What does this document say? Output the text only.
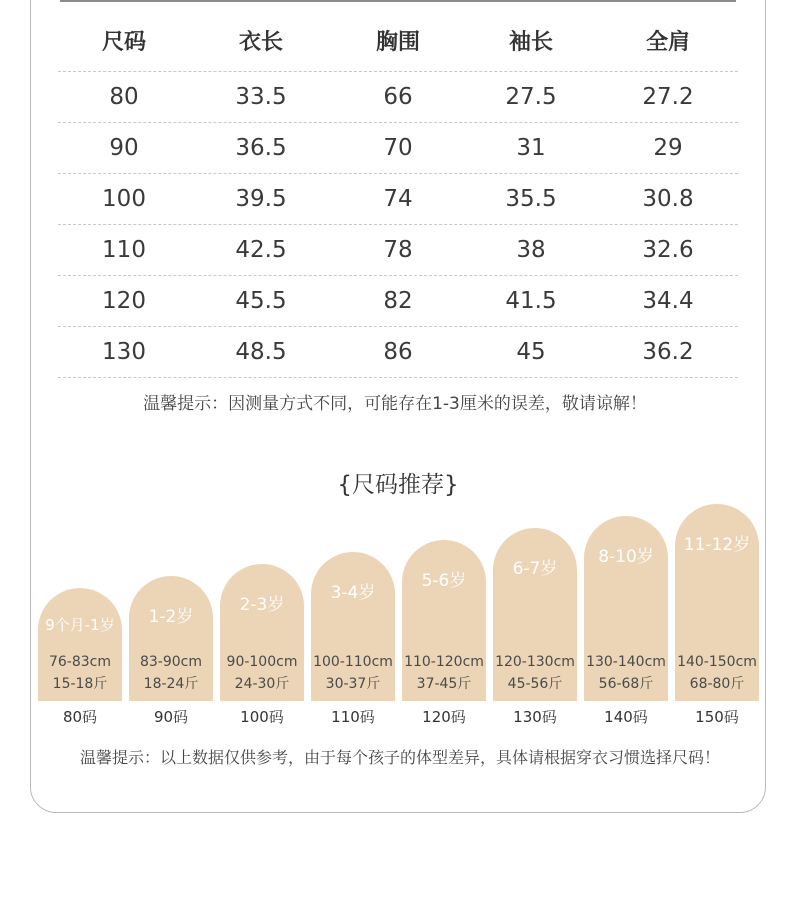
尺码	衣长	胸围	袖长	全肩
80	33.5	66	27.5	27.2
90	36.5	70	31	29
100	39.5	74	35.5	30.8
110	42.5	78	38	32.6
120	45.5	82	41.5	34.4
130	48.5	86	45	36.2
温馨提示：因测量方式不同，可能存在1-3厘米的误差，敬请谅解！
{尺码推荐}
9个月-1岁
76-83cm
15-18斤
1-2岁
83-90cm
18-24斤
2-3岁
90-100cm
24-30斤
3-4岁
100-110cm
30-37斤
5-6岁
110-120cm
37-45斤
6-7岁
120-130cm
45-56斤
8-10岁
130-140cm
56-68斤
11-12岁
140-150cm
68-80斤
80码	90码	100码	110码	120码	130码	140码	150码
温馨提示：以上数据仅供参考，由于每个孩子的体型差异，具体请根据穿衣习惯选择尺码！
